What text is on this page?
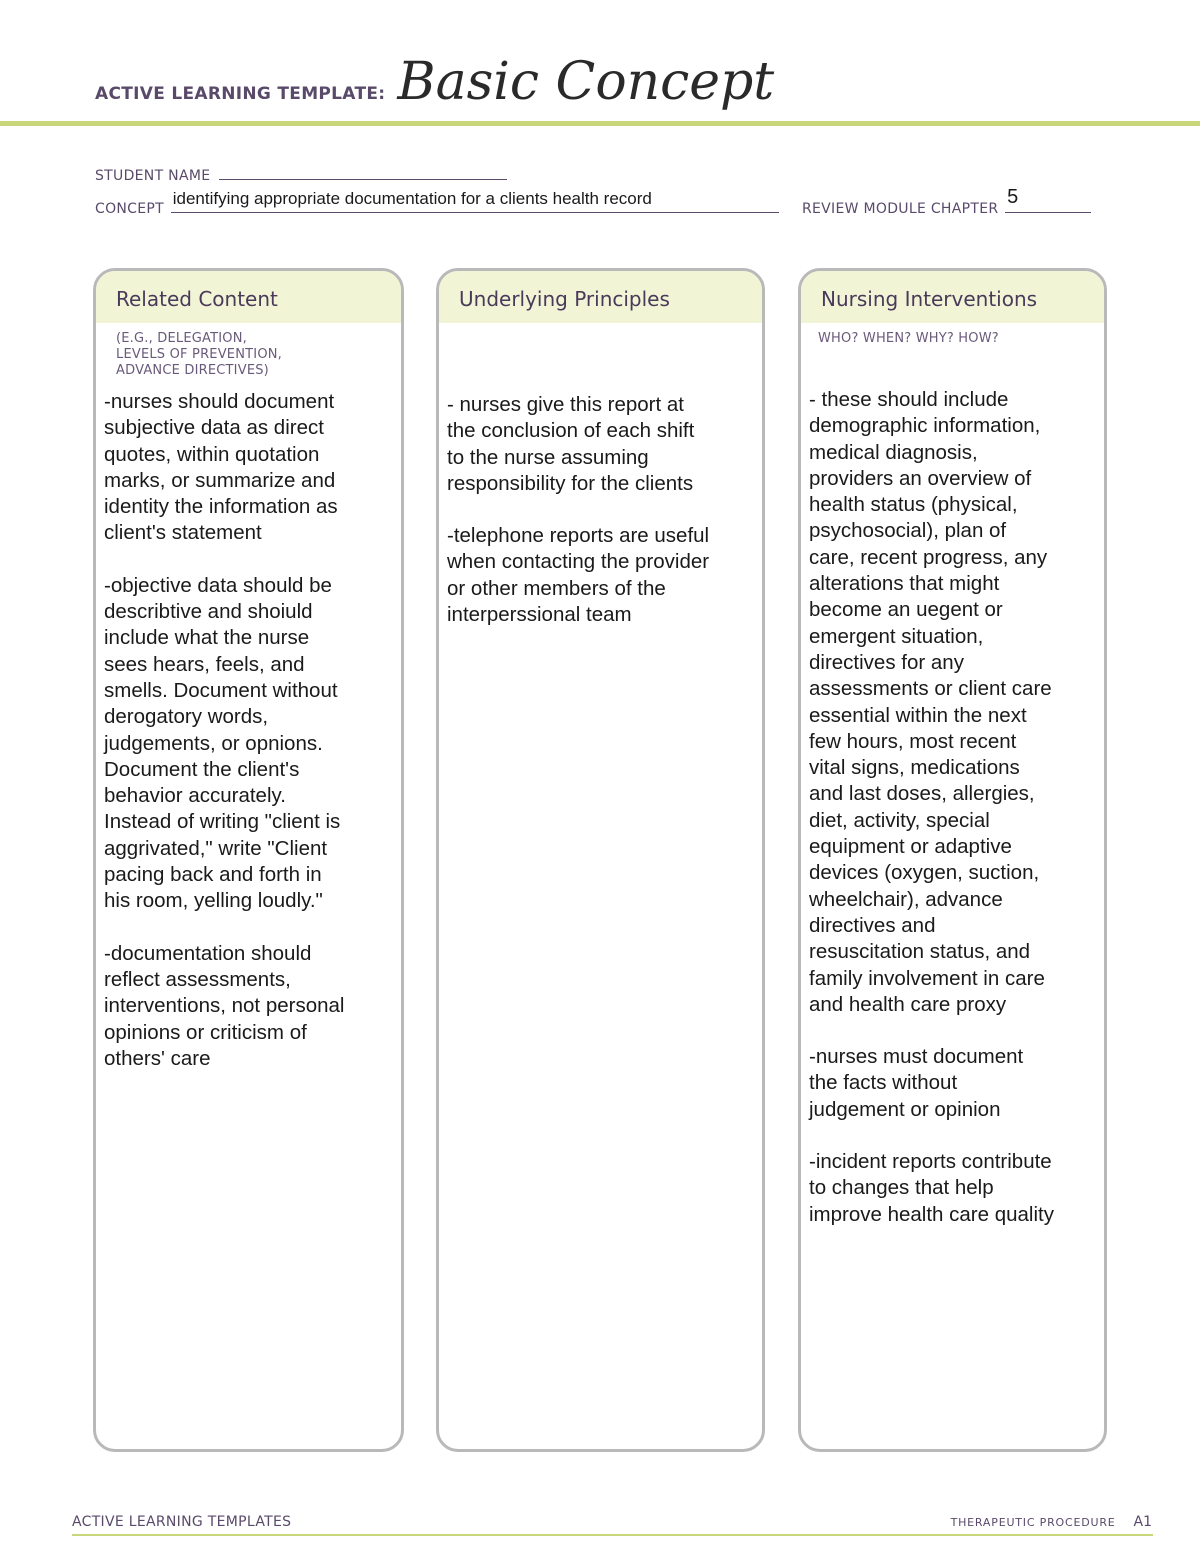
ACTIVE LEARNING TEMPLATE: Basic Concept
STUDENT NAME
CONCEPT
identifying appropriate documentation for a clients health record
REVIEW MODULE CHAPTER
5
Related Content
(E.G., DELEGATION,
LEVELS OF PREVENTION,
ADVANCE DIRECTIVES)

-nurses should document
subjective data as direct
quotes, within quotation
marks, or summarize and
identity the information as
client's statement

-objective data should be
describtive and shoiuld
include what the nurse
sees hears, feels, and
smells. Document without
derogatory words,
judgements, or opnions.
Document the client's
behavior accurately.
Instead of writing "client is
aggrivated," write "Client
pacing back and forth in
his room, yelling loudly."

-documentation should
reflect assessments,
interventions, not personal
opinions or criticism of
others' care

Underlying Principles

- nurses give this report at
the conclusion of each shift
to the nurse assuming
responsibility for the clients

-telephone reports are useful
when contacting the provider
or other members of the
interperssional team

Nursing Interventions
WHO? WHEN? WHY? HOW?

- these should include
demographic information,
medical diagnosis,
providers an overview of
health status (physical,
psychosocial), plan of
care, recent progress, any
alterations that might
become an uegent or
emergent situation,
directives for any
assessments or client care
essential within the next
few hours, most recent
vital signs, medications
and last doses, allergies,
diet, activity, special
equipment or adaptive
devices (oxygen, suction,
wheelchair), advance
directives and
resuscitation status, and
family involvement in care
and health care proxy

-nurses must document
the facts without
judgement or opinion

-incident reports contribute
to changes that help
improve health care quality

ACTIVE LEARNING TEMPLATES	THERAPEUTIC PROCEDURE A1
